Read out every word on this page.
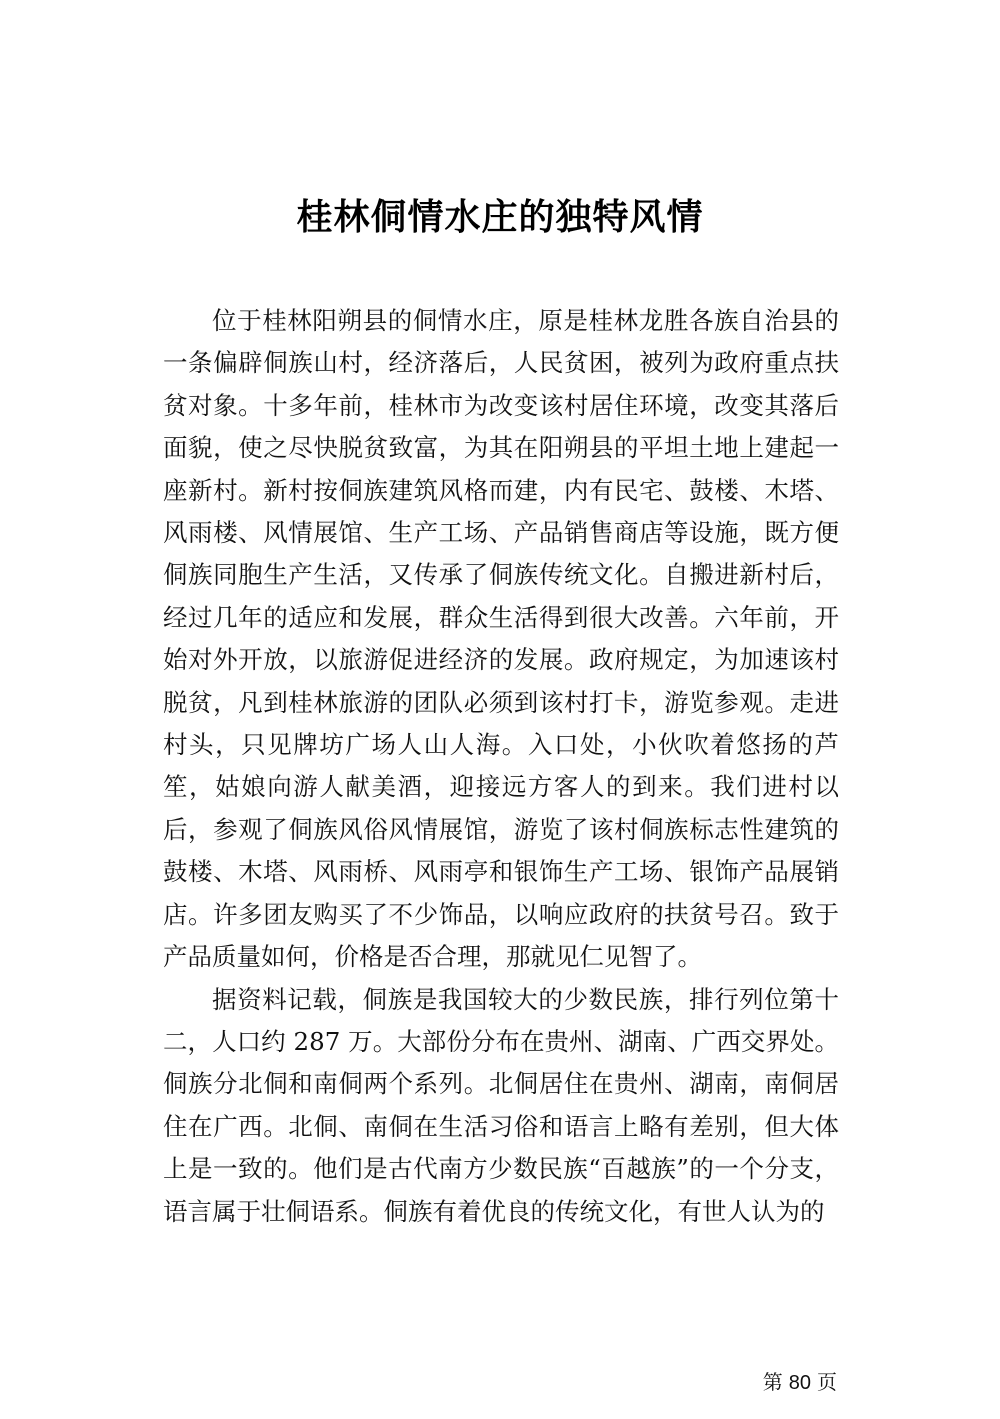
桂林侗情水庄的独特风情

位于桂林阳朔县的侗情水庄，原是桂林龙胜各族自治县的一条偏辟侗族山村，经济落后，人民贫困，被列为政府重点扶贫对象。十多年前，桂林市为改变该村居住环境，改变其落后面貌，使之尽快脱贫致富，为其在阳朔县的平坦土地上建起一座新村。新村按侗族建筑风格而建，内有民宅、鼓楼、木塔、风雨楼、风情展馆、生产工场、产品销售商店等设施，既方便侗族同胞生产生活，又传承了侗族传统文化。自搬进新村后，经过几年的适应和发展，群众生活得到很大改善。六年前，开始对外开放，以旅游促进经济的发展。政府规定，为加速该村脱贫，凡到桂林旅游的团队必须到该村打卡，游览参观。走进村头，只见牌坊广场人山人海。入口处，小伙吹着悠扬的芦笙，姑娘向游人献美酒，迎接远方客人的到来。我们进村以后，参观了侗族风俗风情展馆，游览了该村侗族标志性建筑的鼓楼、木塔、风雨桥、风雨亭和银饰生产工场、银饰产品展销店。许多团友购买了不少饰品，以响应政府的扶贫号召。致于产品质量如何，价格是否合理，那就见仁见智了。

据资料记载，侗族是我国较大的少数民族，排行列位第十二，人口约 287 万。大部份分布在贵州、湖南、广西交界处。侗族分北侗和南侗两个系列。北侗居住在贵州、湖南，南侗居住在广西。北侗、南侗在生活习俗和语言上略有差别，但大体上是一致的。他们是古代南方少数民族“百越族”的一个分支，语言属于壮侗语系。侗族有着优良的传统文化，有世人认为的

第 80 页
